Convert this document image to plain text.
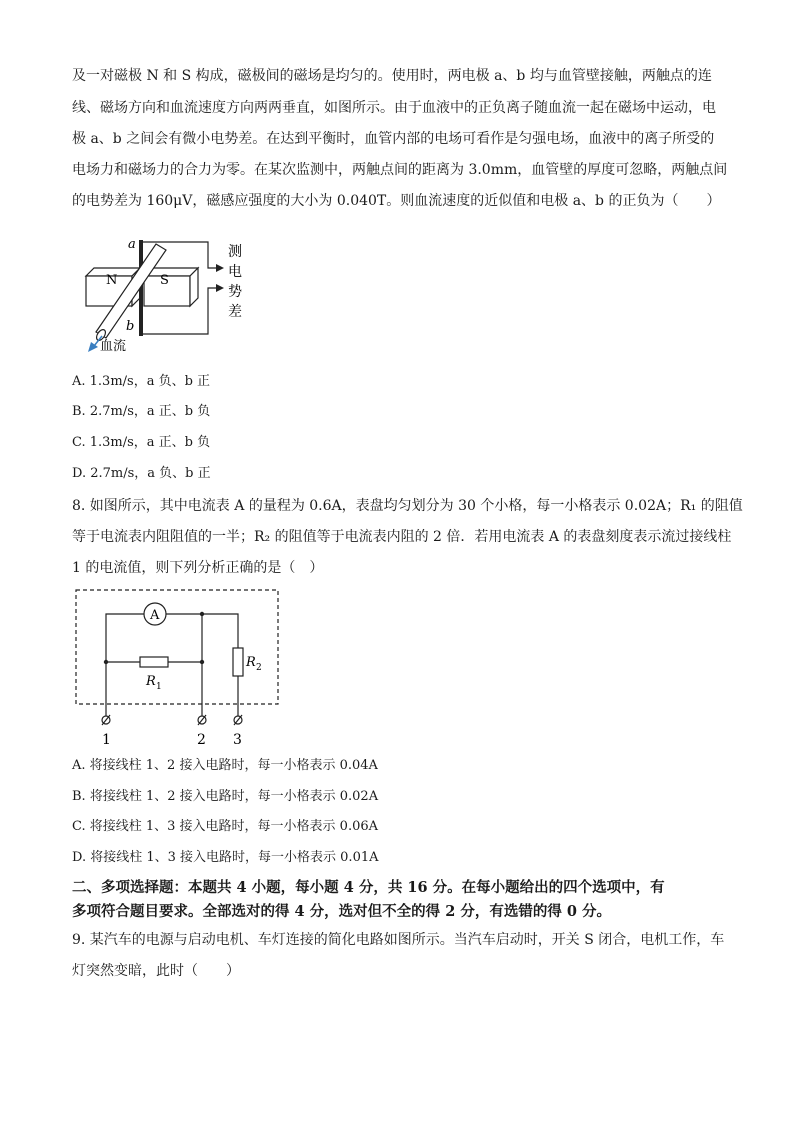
及一对磁极 N 和 S 构成，磁极间的磁场是均匀的。使用时，两电极 a、b 均与血管壁接触，两触点的连
线、磁场方向和血流速度方向两两垂直，如图所示。由于血液中的正负离子随血流一起在磁场中运动，电
极 a、b 之间会有微小电势差。在达到平衡时，血管内部的电场可看作是匀强电场，血液中的离子所受的
电场力和磁场力的合力为零。在某次监测中，两触点间的距离为 3.0mm，血管壁的厚度可忽略，两触点间
的电势差为 160μV，磁感应强度的大小为 0.040T。则血流速度的近似值和电极 a、b 的正负为（　　）
a
b
N	S
测
电
势
差
血流
A. 1.3m/s，a 负、b 正
B. 2.7m/s，a 正、b 负
C. 1.3m/s，a 正、b 负
D. 2.7m/s，a 负、b 正
8. 如图所示，其中电流表 A 的量程为 0.6A，表盘均匀划分为 30 个小格，每一小格表示 0.02A；R₁ 的阻值
等于电流表内阻阻值的一半；R₂ 的阻值等于电流表内阻的 2 倍．若用电流表 A 的表盘刻度表示流过接线柱
1 的电流值，则下列分析正确的是（　）
A
R 1
R 2
1	2 3
A. 将接线柱 1、2 接入电路时，每一小格表示 0.04A
B. 将接线柱 1、2 接入电路时，每一小格表示 0.02A
C. 将接线柱 1、3 接入电路时，每一小格表示 0.06A
D. 将接线柱 1、3 接入电路时，每一小格表示 0.01A
二、多项选择题：本题共 4 小题，每小题 4 分，共 16 分。在每小题给出的四个选项中，有
多项符合题目要求。全部选对的得 4 分，选对但不全的得 2 分，有选错的得 0 分。
9. 某汽车的电源与启动电机、车灯连接的简化电路如图所示。当汽车启动时，开关 S 闭合，电机工作，车
灯突然变暗，此时（　　）
